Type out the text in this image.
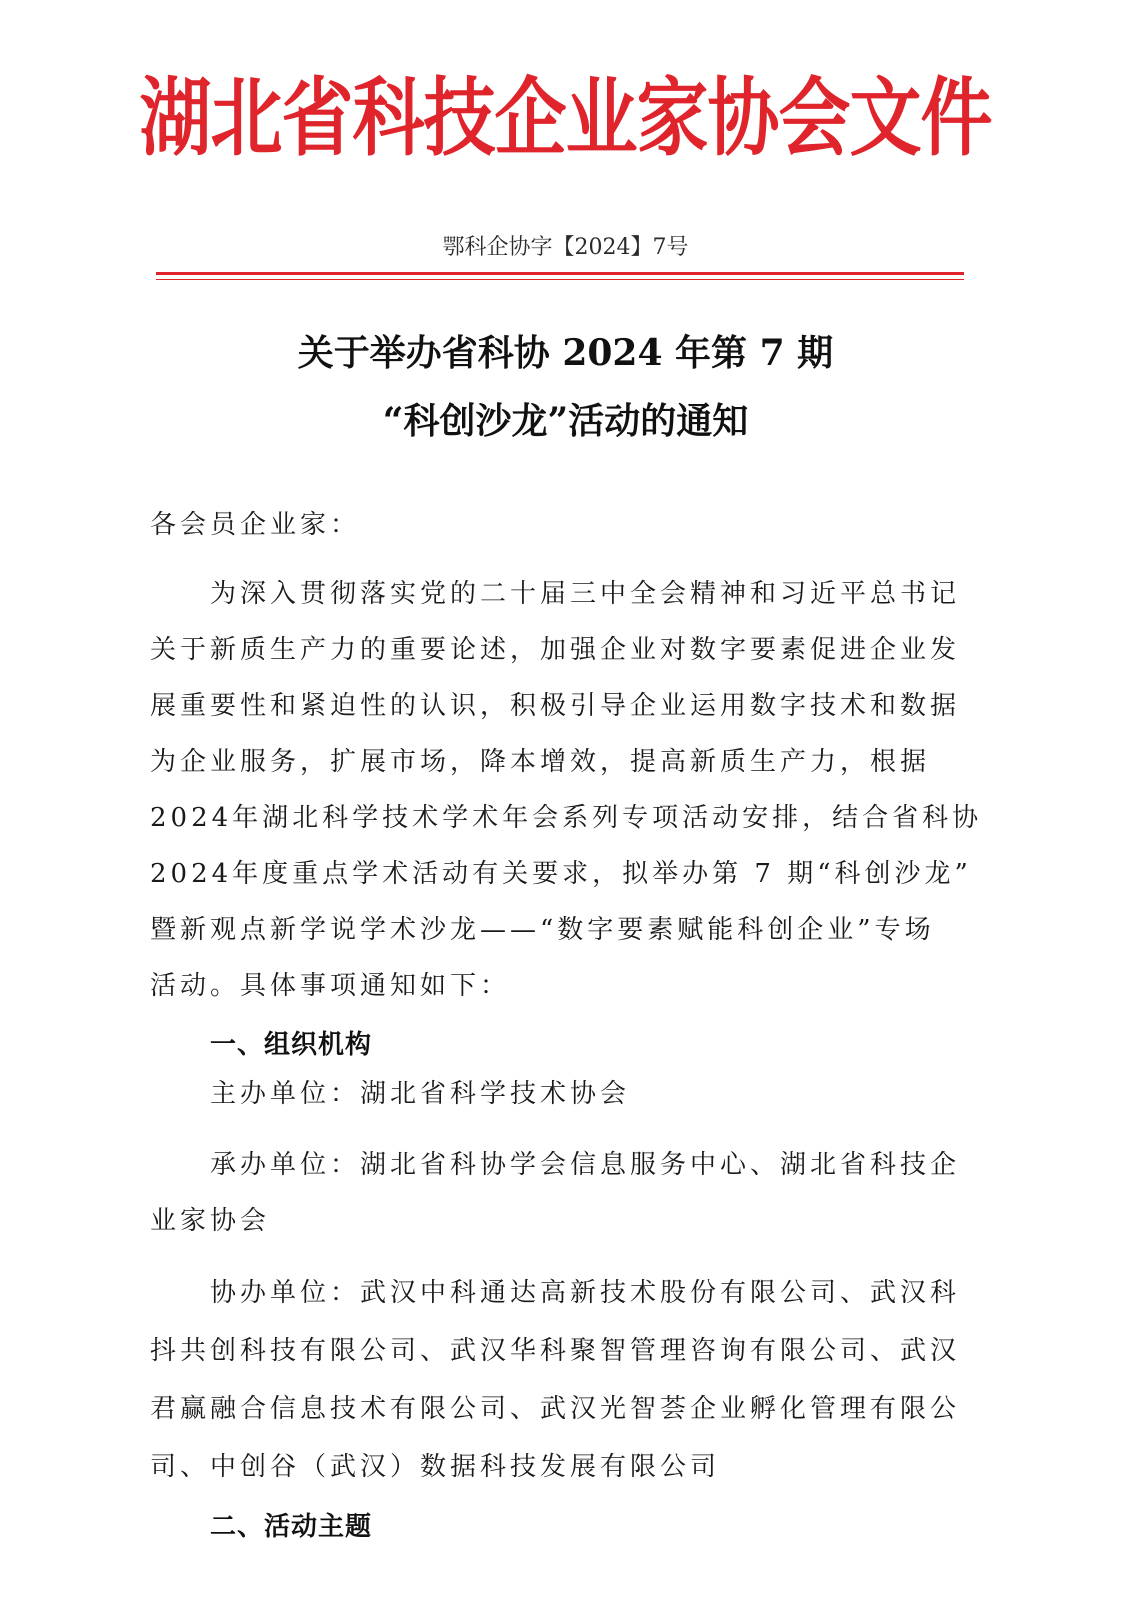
湖北省科技企业家协会文件
鄂科企协字【2024】7号
关于举办省科协 2024 年第 7 期
“科创沙龙”活动的通知
各会员企业家：
　　为深入贯彻落实党的二十届三中全会精神和习近平总书记
关于新质生产力的重要论述，加强企业对数字要素促进企业发
展重要性和紧迫性的认识，积极引导企业运用数字技术和数据
为企业服务，扩展市场，降本增效，提高新质生产力，根据
2024年湖北科学技术学术年会系列专项活动安排，结合省科协
2024年度重点学术活动有关要求，拟举办第 7 期“科创沙龙”
暨新观点新学说学术沙龙——“数字要素赋能科创企业”专场
活动。具体事项通知如下：
一、组织机构
　　主办单位：湖北省科学技术协会
　　承办单位：湖北省科协学会信息服务中心、湖北省科技企
业家协会
　　协办单位：武汉中科通达高新技术股份有限公司、武汉科
抖共创科技有限公司、武汉华科聚智管理咨询有限公司、武汉
君赢融合信息技术有限公司、武汉光智荟企业孵化管理有限公
司、中创谷（武汉）数据科技发展有限公司
二、活动主题
